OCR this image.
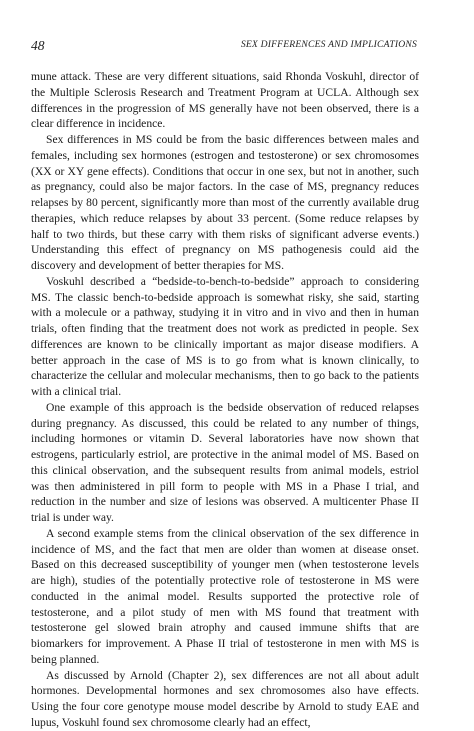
48	SEX DIFFERENCES AND IMPLICATIONS

mune attack. These are very different situations, said Rhonda Voskuhl, director of the Multiple Sclerosis Research and Treatment Program at UCLA. Although sex differences in the progression of MS generally have not been observed, there is a clear difference in incidence.

Sex differences in MS could be from the basic differences between males and females, including sex hormones (estrogen and testosterone) or sex chromosomes (XX or XY gene effects). Conditions that occur in one sex, but not in another, such as pregnancy, could also be major factors. In the case of MS, pregnancy reduces relapses by 80 percent, significantly more than most of the currently available drug therapies, which reduce relapses by about 33 percent. (Some reduce relapses by half to two thirds, but these carry with them risks of significant adverse events.) Understanding this effect of pregnancy on MS pathogenesis could aid the discovery and development of better therapies for MS.

Voskuhl described a “bedside-to-bench-to-bedside” approach to considering MS. The classic bench-to-bedside approach is somewhat risky, she said, starting with a molecule or a pathway, studying it in vitro and in vivo and then in human trials, often finding that the treatment does not work as predicted in people. Sex differences are known to be clinically important as major disease modifiers. A better approach in the case of MS is to go from what is known clinically, to characterize the cellular and molecular mechanisms, then to go back to the patients with a clinical trial.

One example of this approach is the bedside observation of reduced relapses during pregnancy. As discussed, this could be related to any number of things, including hormones or vitamin D. Several laboratories have now shown that estrogens, particularly estriol, are protective in the animal model of MS. Based on this clinical observation, and the subsequent results from animal models, estriol was then administered in pill form to people with MS in a Phase I trial, and reduction in the number and size of lesions was observed. A multicenter Phase II trial is under way.

A second example stems from the clinical observation of the sex difference in incidence of MS, and the fact that men are older than women at disease onset. Based on this decreased susceptibility of younger men (when testosterone levels are high), studies of the potentially protective role of testosterone in MS were conducted in the animal model. Results supported the protective role of testosterone, and a pilot study of men with MS found that treatment with testosterone gel slowed brain atrophy and caused immune shifts that are biomarkers for improvement. A Phase II trial of testosterone in men with MS is being planned.

As discussed by Arnold (Chapter 2), sex differences are not all about adult hormones. Developmental hormones and sex chromosomes also have effects. Using the four core genotype mouse model describe by Arnold to study EAE and lupus, Voskuhl found sex chromosome clearly had an effect,
